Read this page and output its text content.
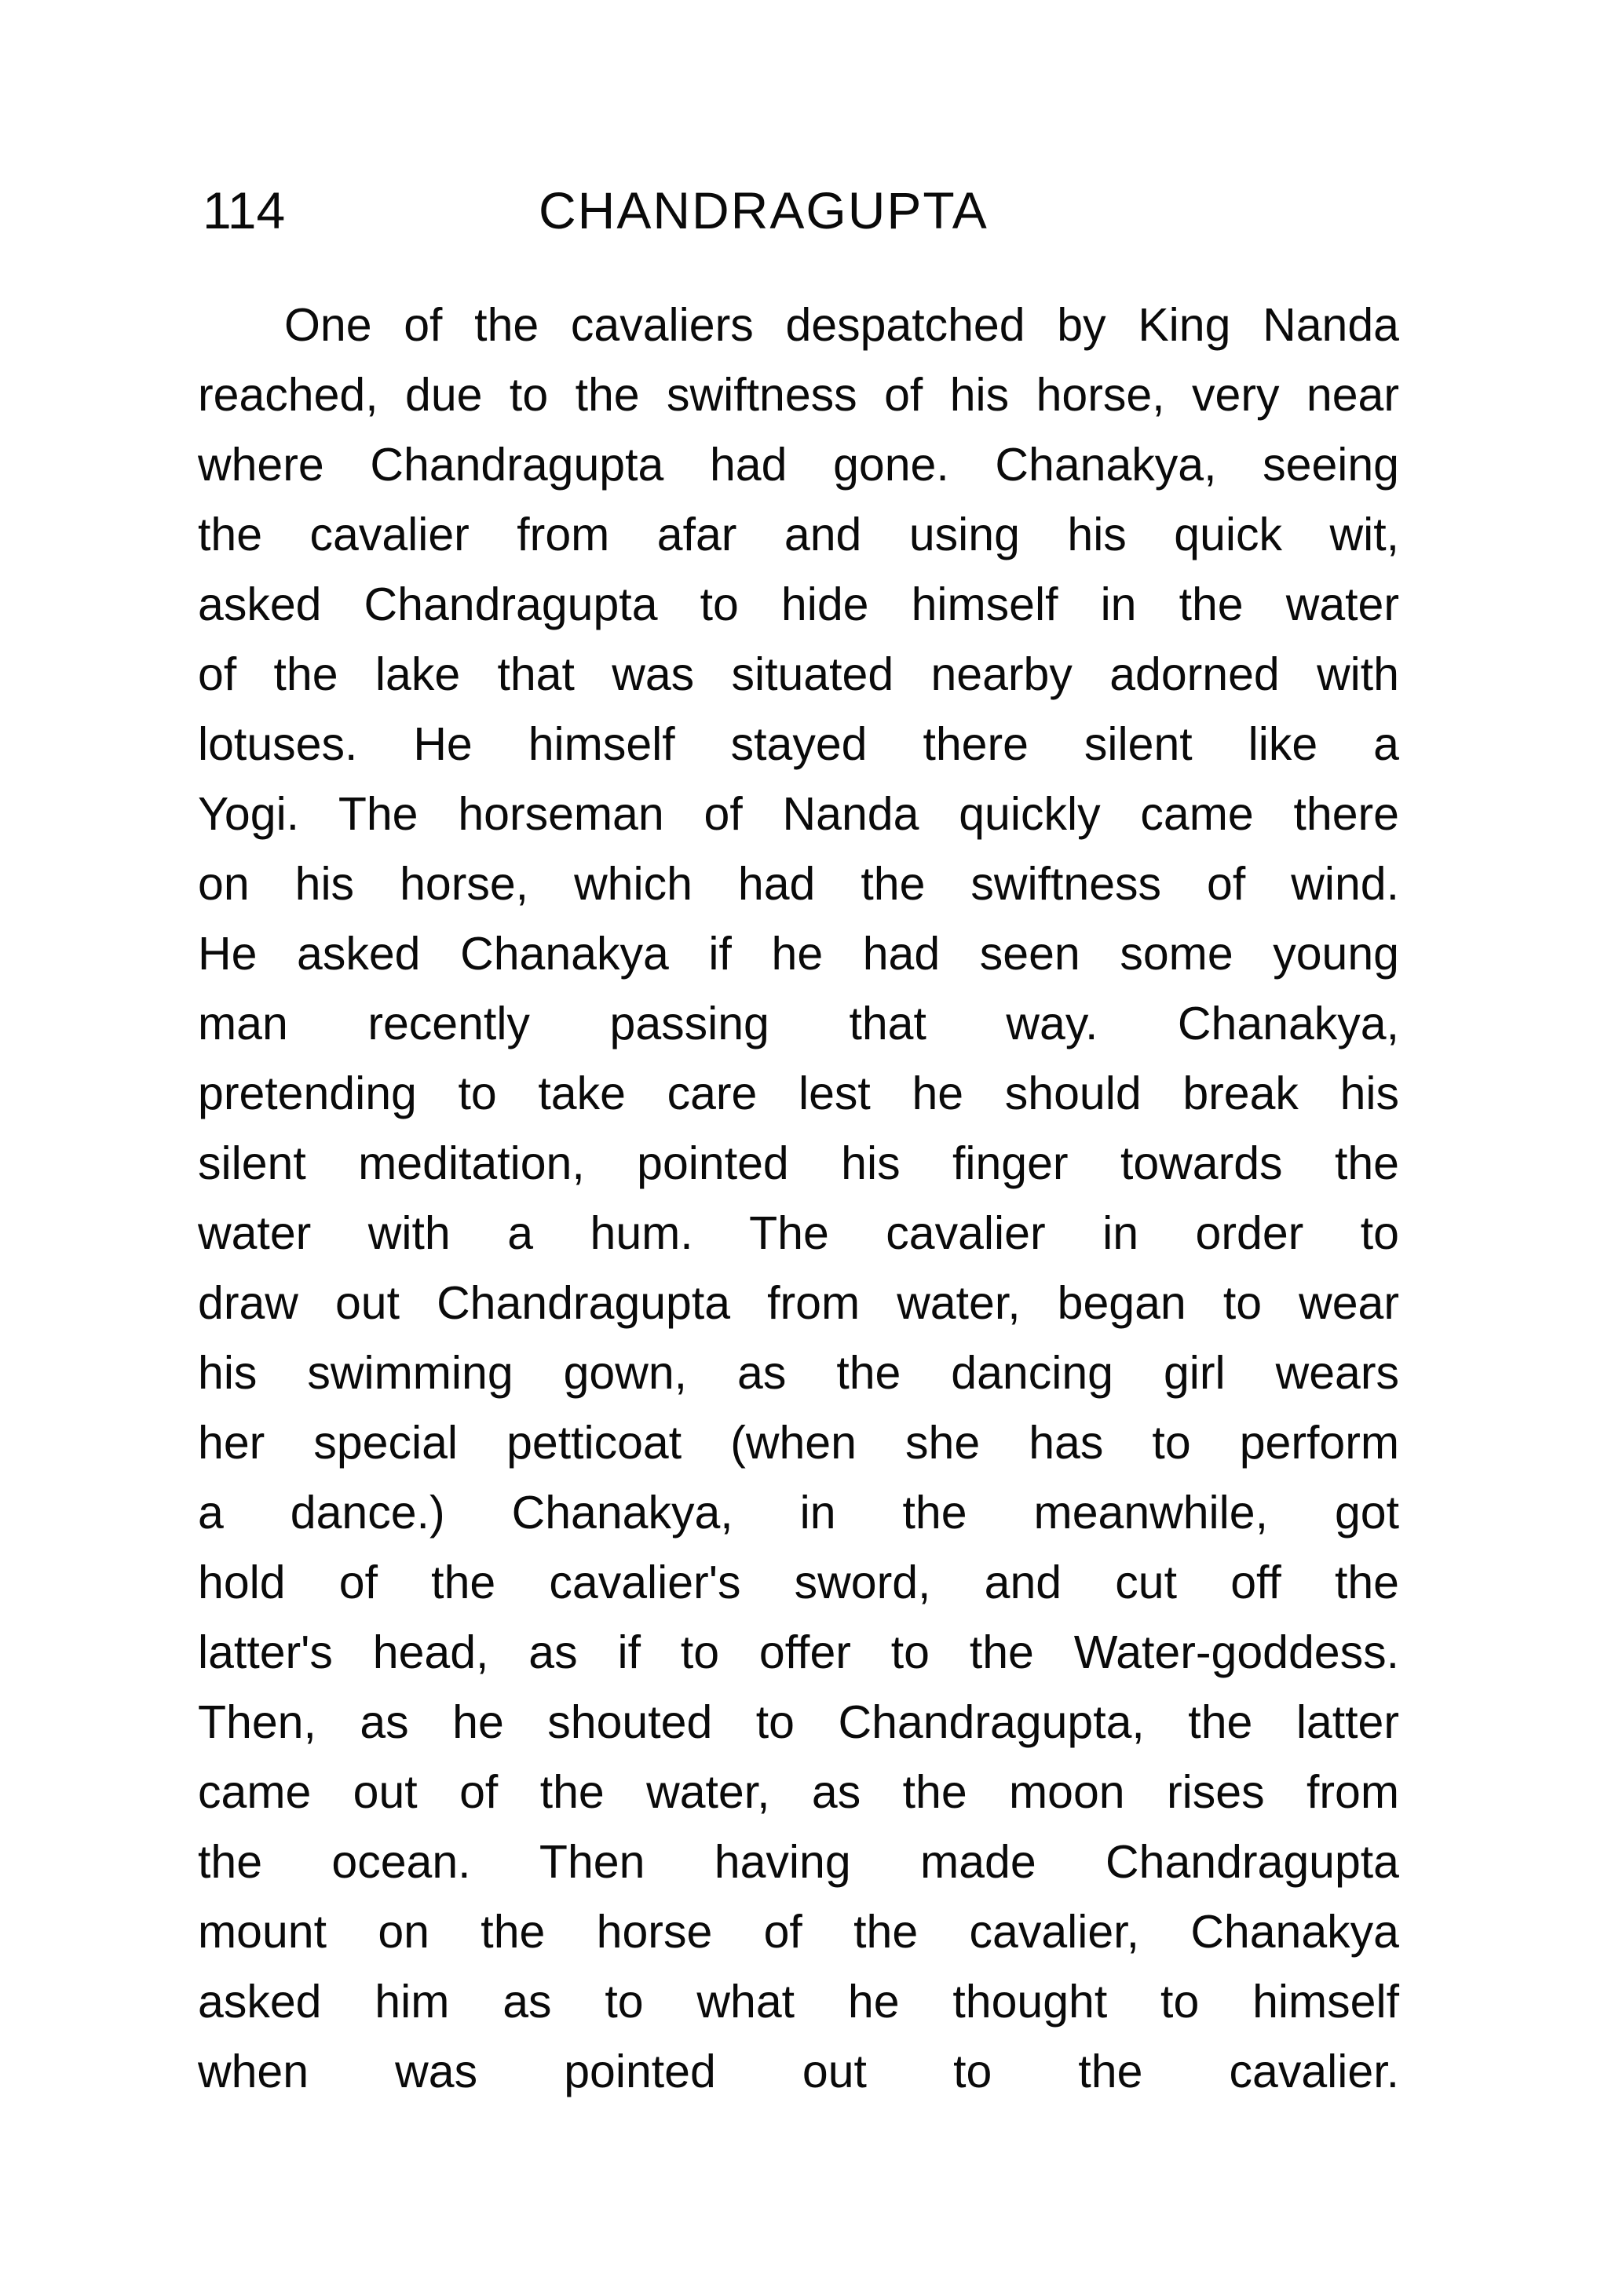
114	CHANDRAGUPTA
One of the cavaliers despatched by King Nanda
reached, due to the swiftness of his horse, very near
where Chandragupta had gone. Chanakya, seeing
the cavalier from afar and using his quick wit,
asked Chandragupta to hide himself in the water
of the lake that was situated nearby adorned with
lotuses. He himself stayed there silent like a
Yogi. The horseman of Nanda quickly came there
on his horse, which had the swiftness of wind.
He asked Chanakya if he had seen some young
man recently passing that way. Chanakya,
pretending to take care lest he should break his
silent meditation, pointed his finger towards the
water with a hum. The cavalier in order to
draw out Chandragupta from water, began to wear
his swimming gown, as the dancing girl wears
her special petticoat (when she has to perform
a dance.) Chanakya, in the meanwhile, got
hold of the cavalier's sword, and cut off the
latter's head, as if to offer to the Water-goddess.
Then, as he shouted to Chandragupta, the latter
came out of the water, as the moon rises from
the ocean. Then having made Chandragupta
mount on the horse of the cavalier, Chanakya
asked him as to what he thought to himself
when was pointed out to the cavalier.
